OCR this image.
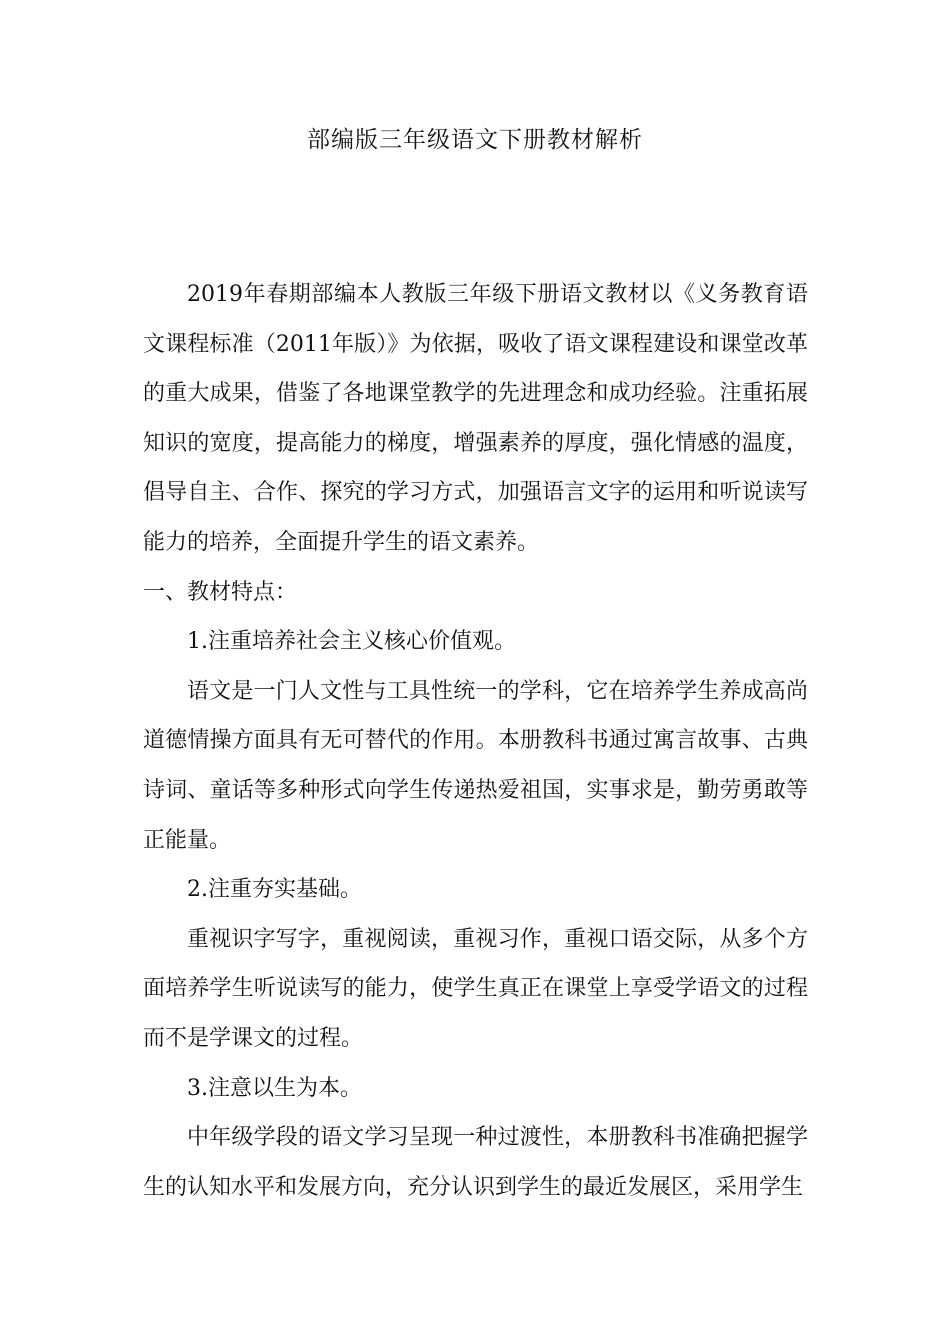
部编版三年级语文下册教材解析

2019年春期部编本人教版三年级下册语文教材以《义务教育语文课程标准（2011年版）》为依据，吸收了语文课程建设和课堂改革的重大成果，借鉴了各地课堂教学的先进理念和成功经验。注重拓展知识的宽度，提高能力的梯度，增强素养的厚度，强化情感的温度，倡导自主、合作、探究的学习方式，加强语言文字的运用和听说读写能力的培养，全面提升学生的语文素养。

一、教材特点：

1.注重培养社会主义核心价值观。

语文是一门人文性与工具性统一的学科，它在培养学生养成高尚道德情操方面具有无可替代的作用。本册教科书通过寓言故事、古典诗词、童话等多种形式向学生传递热爱祖国，实事求是，勤劳勇敢等正能量。

2.注重夯实基础。

重视识字写字，重视阅读，重视习作，重视口语交际，从多个方面培养学生听说读写的能力，使学生真正在课堂上享受学语文的过程而不是学课文的过程。

3.注意以生为本。

中年级学段的语文学习呈现一种过渡性，本册教科书准确把握学生的认知水平和发展方向，充分认识到学生的最近发展区，采用学生
